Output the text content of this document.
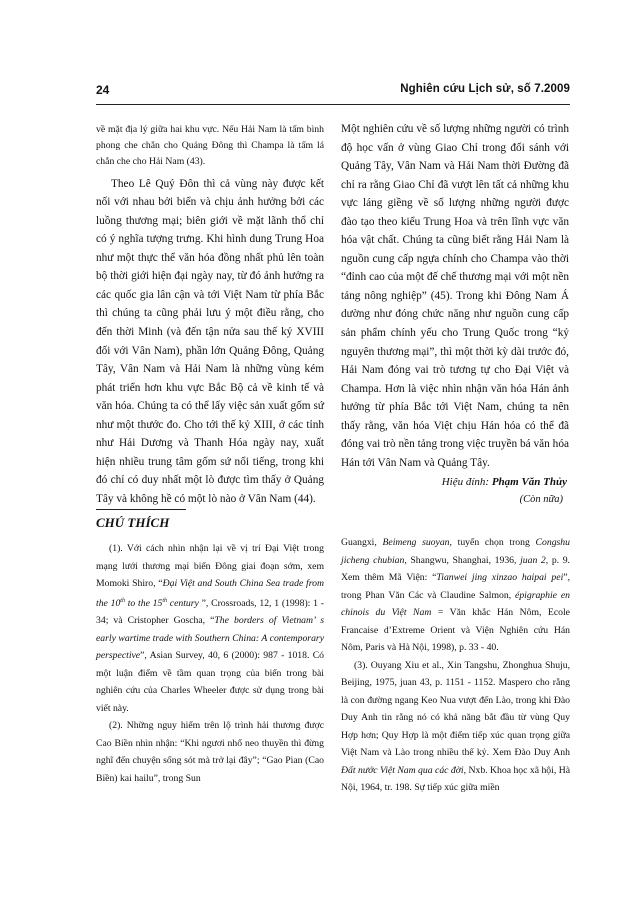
24	Nghiên cứu Lịch sử, số 7.2009

về mặt địa lý giữa hai khu vực. Nếu Hải Nam là tấm bình phong che chắn cho Quảng Đông thì Champa là tấm lá chắn che cho Hải Nam (43).

Theo Lê Quý Đôn thì cả vùng này được kết nối với nhau bởi biển và chịu ảnh hưởng bởi các luồng thương mại; biên giới về mặt lãnh thổ chỉ có ý nghĩa tượng trưng. Khi hình dung Trung Hoa như một thực thể văn hóa đồng nhất phủ lên toàn bộ thời giới hiện đại ngày nay, từ đó ảnh hưởng ra các quốc gia lân cận và tới Việt Nam từ phía Bắc thì chúng ta cũng phải lưu ý một điều rằng, cho đến thời Minh (và đến tận nửa sau thế kỷ XVIII đối với Vân Nam), phần lớn Quảng Đông, Quảng Tây, Vân Nam và Hải Nam là những vùng kém phát triển hơn khu vực Bắc Bộ cả về kinh tế và văn hóa. Chúng ta có thể lấy việc sản xuất gốm sứ như một thước đo. Cho tới thế kỷ XIII, ở các tỉnh như Hải Dương và Thanh Hóa ngày nay, xuất hiện nhiều trung tâm gốm sứ nổi tiếng, trong khi đó chỉ có duy nhất một lò được tìm thấy ở Quảng Tây và không hề có một lò nào ở Vân Nam (44).

Một nghiên cứu về số lượng những người có trình độ học vấn ở vùng Giao Chỉ trong đối sánh với Quảng Tây, Vân Nam và Hải Nam thời Đường đã chỉ ra rằng Giao Chỉ đã vượt lên tất cả những khu vực láng giềng về số lượng những người được đào tạo theo kiểu Trung Hoa và trên lĩnh vực văn hóa vật chất. Chúng ta cũng biết rằng Hải Nam là nguồn cung cấp ngựa chính cho Champa vào thời “đỉnh cao của một đế chế thương mại với một nền tảng nông nghiệp” (45). Trong khi Đông Nam Á dường như đóng chức năng như nguồn cung cấp sản phẩm chính yếu cho Trung Quốc trong “kỷ nguyên thương mại”, thì một thời kỳ dài trước đó, Hải Nam đóng vai trò tương tự cho Đại Việt và Champa. Hơn là việc nhìn nhận văn hóa Hán ảnh hưởng từ phía Bắc tới Việt Nam, chúng ta nên thấy rằng, văn hóa Việt chịu Hán hóa có thể đã đóng vai trò nền tảng trong việc truyền bá văn hóa Hán tới Vân Nam và Quảng Tây.

Hiệu đính: Phạm Văn Thủy
(Còn nữa)
CHÚ THÍCH

(1). Với cách nhìn nhận lại về vị trí Đại Việt trong mạng lưới thương mại biển Đông giai đoạn sớm, xem Momoki Shiro, “Đại Việt and South China Sea trade from the 10th to the 15th century ”, Crossroads, 12, 1 (1998): 1 - 34; và Cristopher Goscha, “The borders of Vietnam’ s early wartime trade with Southern China: A contemporary perspective”, Asian Survey, 40, 6 (2000): 987 - 1018. Có một luận điểm về tầm quan trọng của biển trong bài nghiên cứu của Charles Wheeler được sử dụng trong bài viết này.

(2). Những nguy hiểm trên lộ trình hải thương được Cao Biền nhìn nhận: “Khi ngươi nhổ neo thuyền thì đừng nghĩ đến chuyện sống sót mà trở lại đây”; “Gao Pian (Cao Biền) kai hailu”, trong Sun

Guangxi, Beimeng suoyan, tuyển chọn trong Congshu jicheng chubian, Shangwu, Shanghai, 1936, juan 2, p. 9. Xem thêm Mã Viện: “Tianwei jing xinzao haipai pei”, trong Phan Văn Các và Claudine Salmon, épigraphie en chinois du Việt Nam = Văn khắc Hán Nôm, Ecole Francaise d’Extreme Orient và Viện Nghiên cứu Hán Nôm, Paris và Hà Nội, 1998), p. 33 - 40.

(3). Ouyang Xiu et al., Xin Tangshu, Zhonghua Shuju, Beijing, 1975, juan 43, p. 1151 - 1152. Maspero cho rằng là con đường ngang Keo Nua vượt đến Lào, trong khi Đào Duy Anh tin rằng nó có khả năng bắt đầu từ vùng Quy Hợp hơn; Quy Hợp là một điểm tiếp xúc quan trọng giữa Việt Nam và Lào trong nhiều thế kỷ. Xem Đào Duy Anh Đất nước Việt Nam qua các đời, Nxb. Khoa học xã hội, Hà Nội, 1964, tr. 198. Sự tiếp xúc giữa miền
